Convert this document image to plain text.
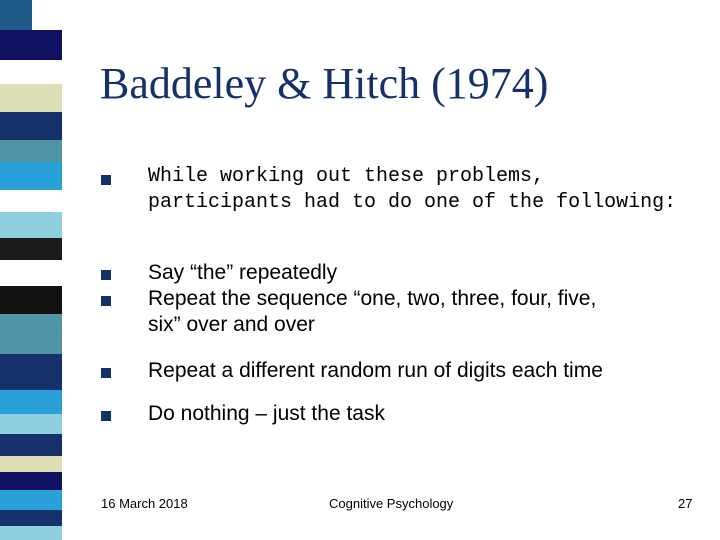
Baddeley & Hitch (1974)
While working out these problems,
participants had to do one of the following:
Say “the” repeatedly
Repeat the sequence “one, two, three, four, five,
six” over and over
Repeat a different random run of digits each time
Do nothing – just the task
16 March 2018	Cognitive Psychology	27
